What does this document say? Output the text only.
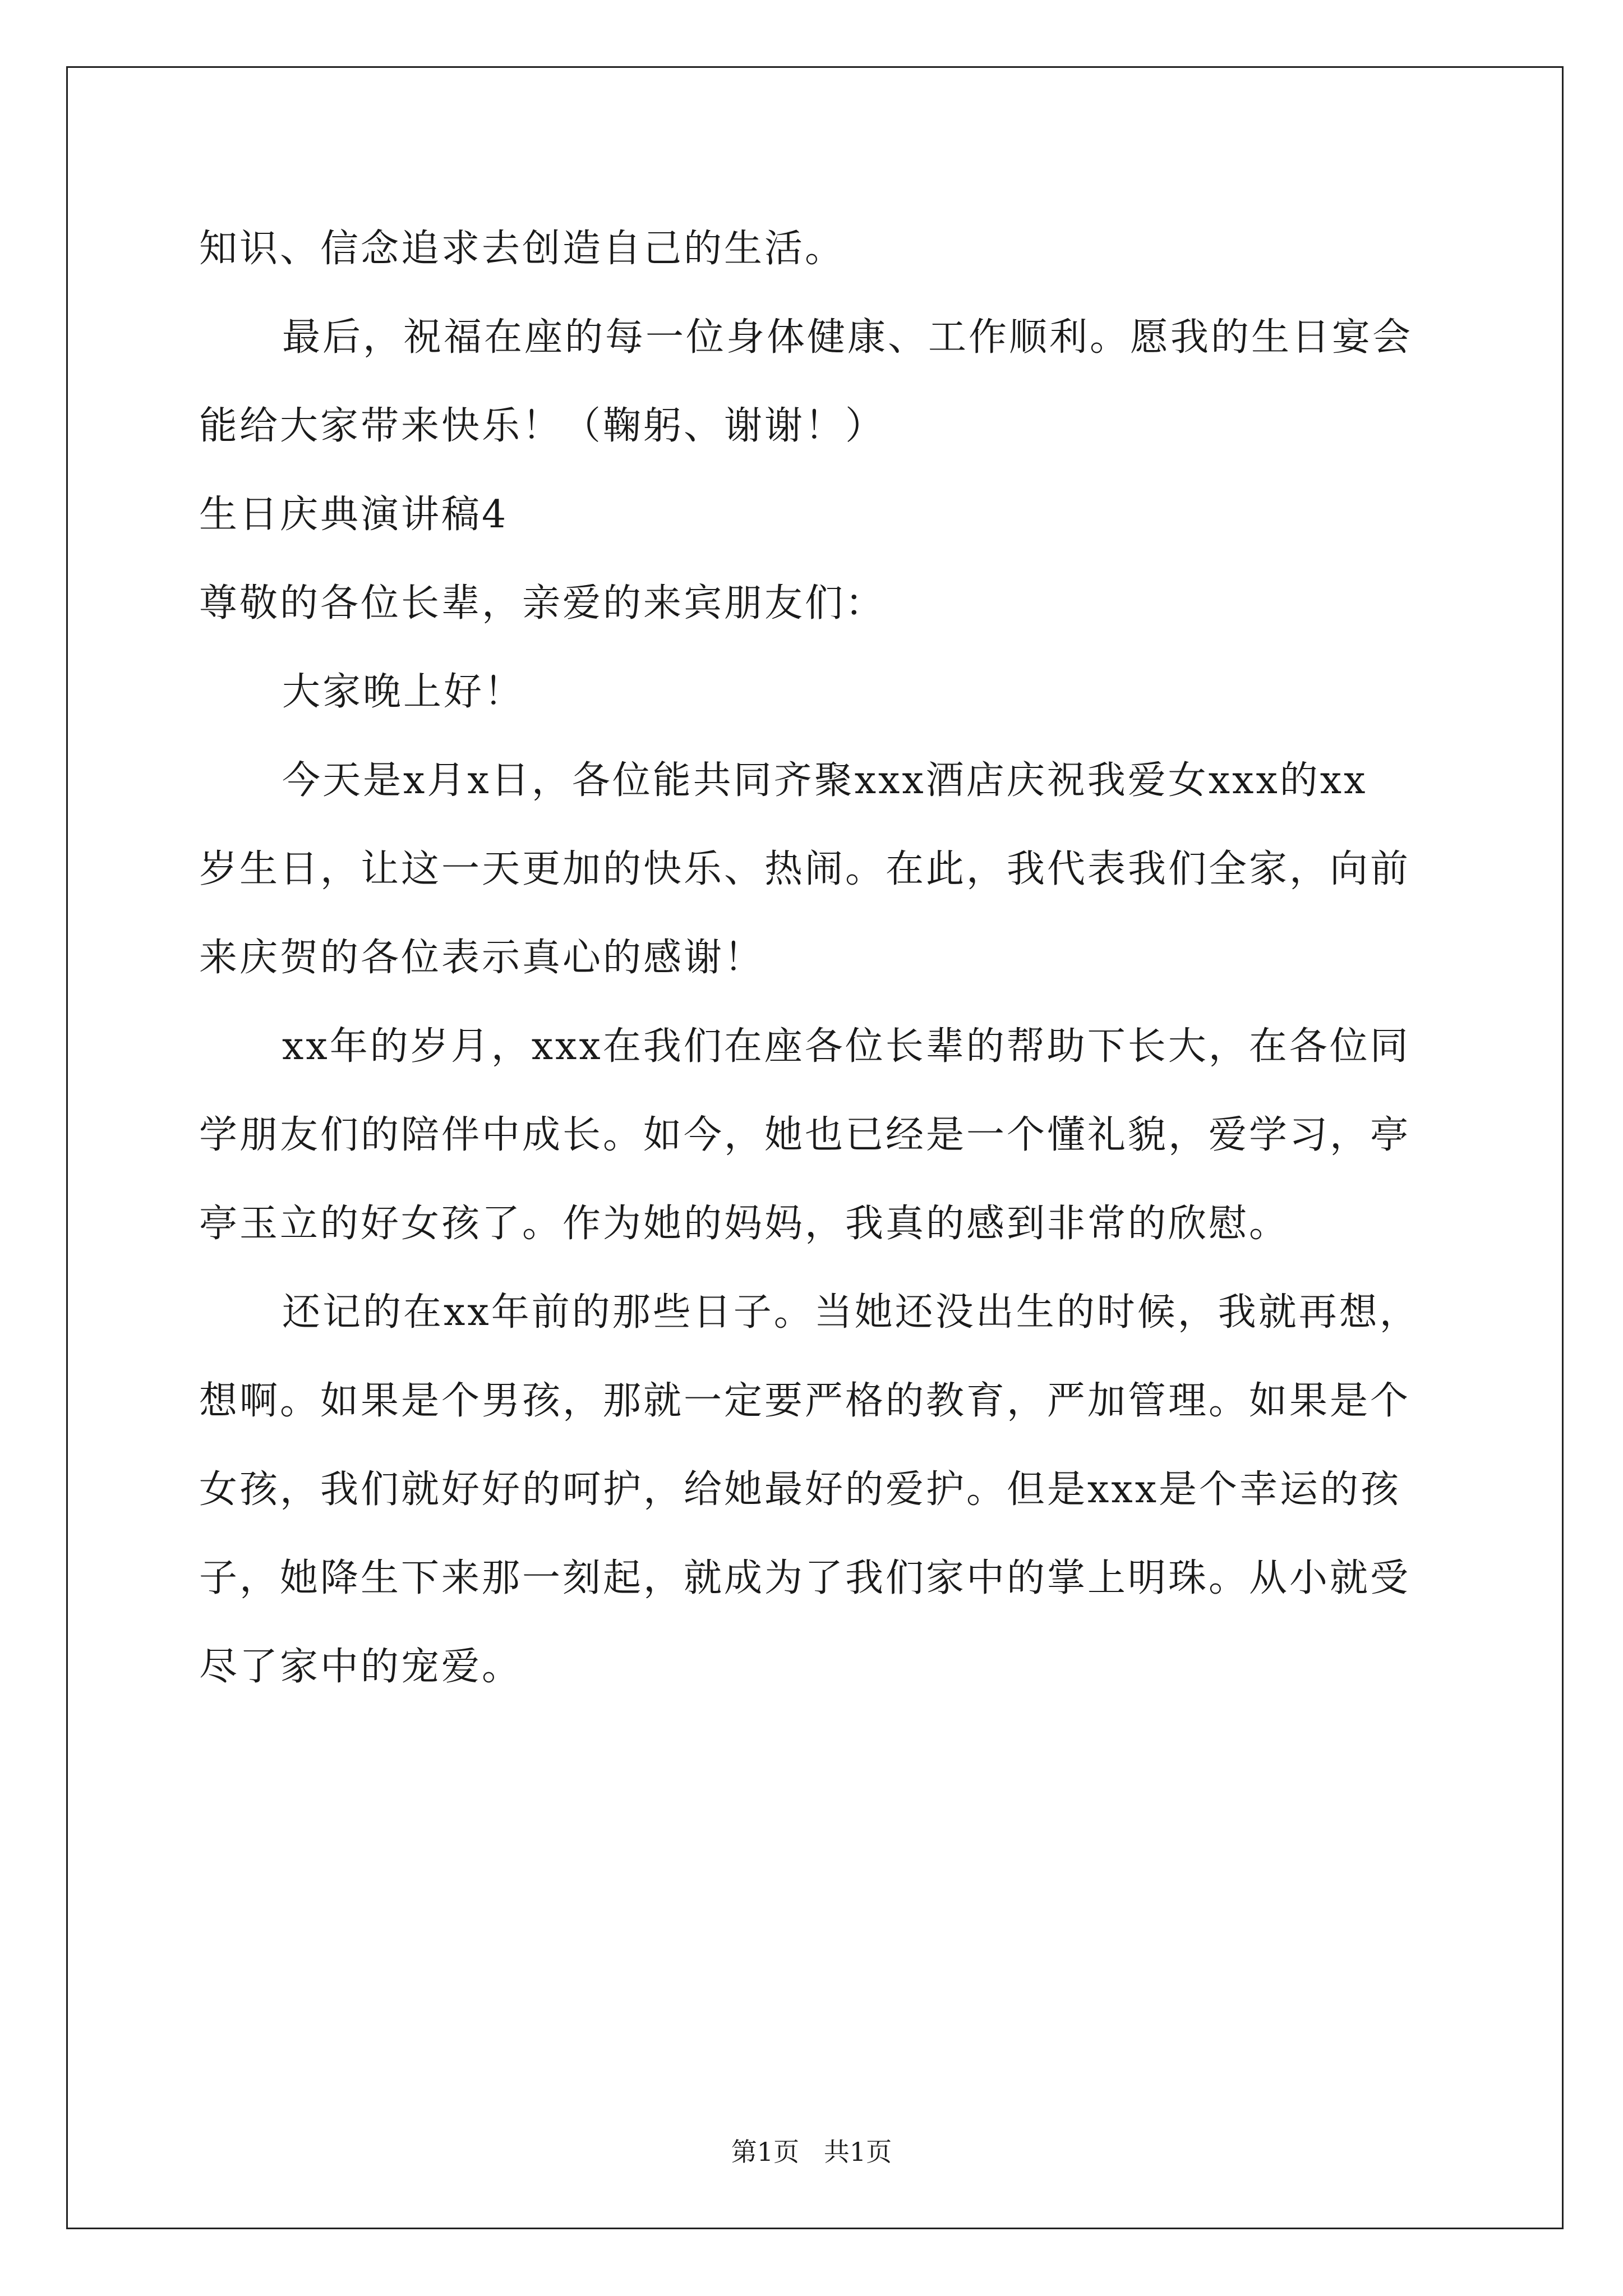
知识、信念追求去创造自己的生活。
最后，祝福在座的每一位身体健康、工作顺利。愿我的生日宴会
能给大家带来快乐！（鞠躬、谢谢！）
生日庆典演讲稿4
尊敬的各位长辈，亲爱的来宾朋友们：
大家晚上好！
今天是x月x日，各位能共同齐聚xxx酒店庆祝我爱女xxx的xx
岁生日，让这一天更加的快乐、热闹。在此，我代表我们全家，向前
来庆贺的各位表示真心的感谢！
xx年的岁月，xxx在我们在座各位长辈的帮助下长大，在各位同
学朋友们的陪伴中成长。如今，她也已经是一个懂礼貌，爱学习，亭
亭玉立的好女孩了。作为她的妈妈，我真的感到非常的欣慰。
还记的在xx年前的那些日子。当她还没出生的时候，我就再想，
想啊。如果是个男孩，那就一定要严格的教育，严加管理。如果是个
女孩，我们就好好的呵护，给她最好的爱护。但是xxx是个幸运的孩
子，她降生下来那一刻起，就成为了我们家中的掌上明珠。从小就受
尽了家中的宠爱。
第1页   共1页
